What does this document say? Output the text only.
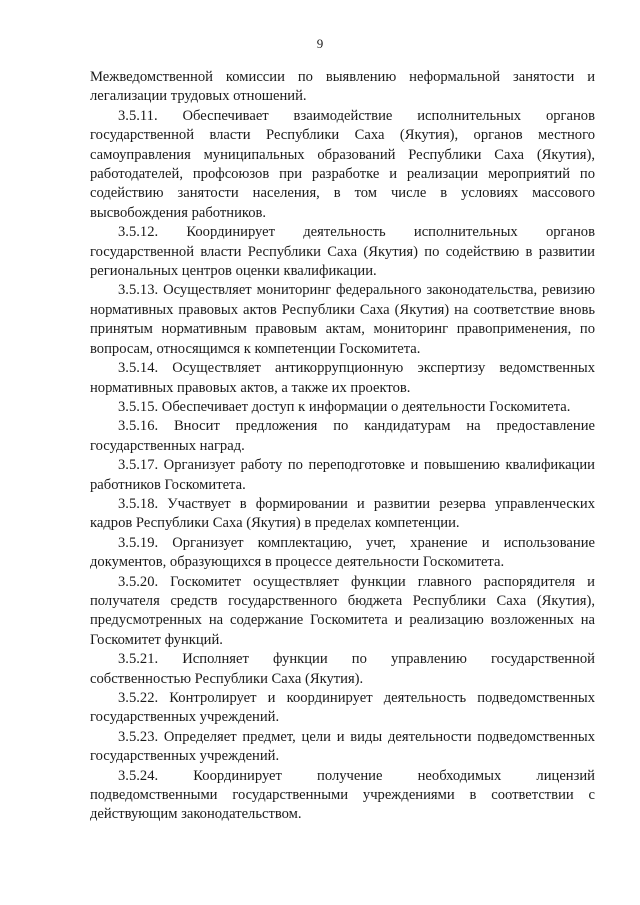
9

Межведомственной комиссии по выявлению неформальной занятости и легализации трудовых отношений.

3.5.11. Обеспечивает взаимодействие исполнительных органов государственной власти Республики Саха (Якутия), органов местного самоуправления муниципальных образований Республики Саха (Якутия), работодателей, профсоюзов при разработке и реализации мероприятий по содействию занятости населения, в том числе в условиях массового высвобождения работников.

3.5.12. Координирует деятельность исполнительных органов государственной власти Республики Саха (Якутия) по содействию в развитии региональных центров оценки квалификации.

3.5.13. Осуществляет мониторинг федерального законодательства, ревизию нормативных правовых актов Республики Саха (Якутия) на соответствие вновь принятым нормативным правовым актам, мониторинг правоприменения, по вопросам, относящимся к компетенции Госкомитета.

3.5.14. Осуществляет антикоррупционную экспертизу ведомственных нормативных правовых актов, а также их проектов.

3.5.15. Обеспечивает доступ к информации о деятельности Госкомитета.

3.5.16. Вносит предложения по кандидатурам на предоставление государственных наград.

3.5.17. Организует работу по переподготовке и повышению квалификации работников Госкомитета.

3.5.18. Участвует в формировании и развитии резерва управленческих кадров Республики Саха (Якутия) в пределах компетенции.

3.5.19. Организует комплектацию, учет, хранение и использование документов, образующихся в процессе деятельности Госкомитета.

3.5.20. Госкомитет осуществляет функции главного распорядителя и получателя средств государственного бюджета Республики Саха (Якутия), предусмотренных на содержание Госкомитета и реализацию возложенных на Госкомитет функций.

3.5.21. Исполняет функции по управлению государственной собственностью Республики Саха (Якутия).

3.5.22. Контролирует и координирует деятельность подведомственных государственных учреждений.

3.5.23. Определяет предмет, цели и виды деятельности подведомственных государственных учреждений.

3.5.24. Координирует получение необходимых лицензий подведомственными государственными учреждениями в соответствии с действующим законодательством.
